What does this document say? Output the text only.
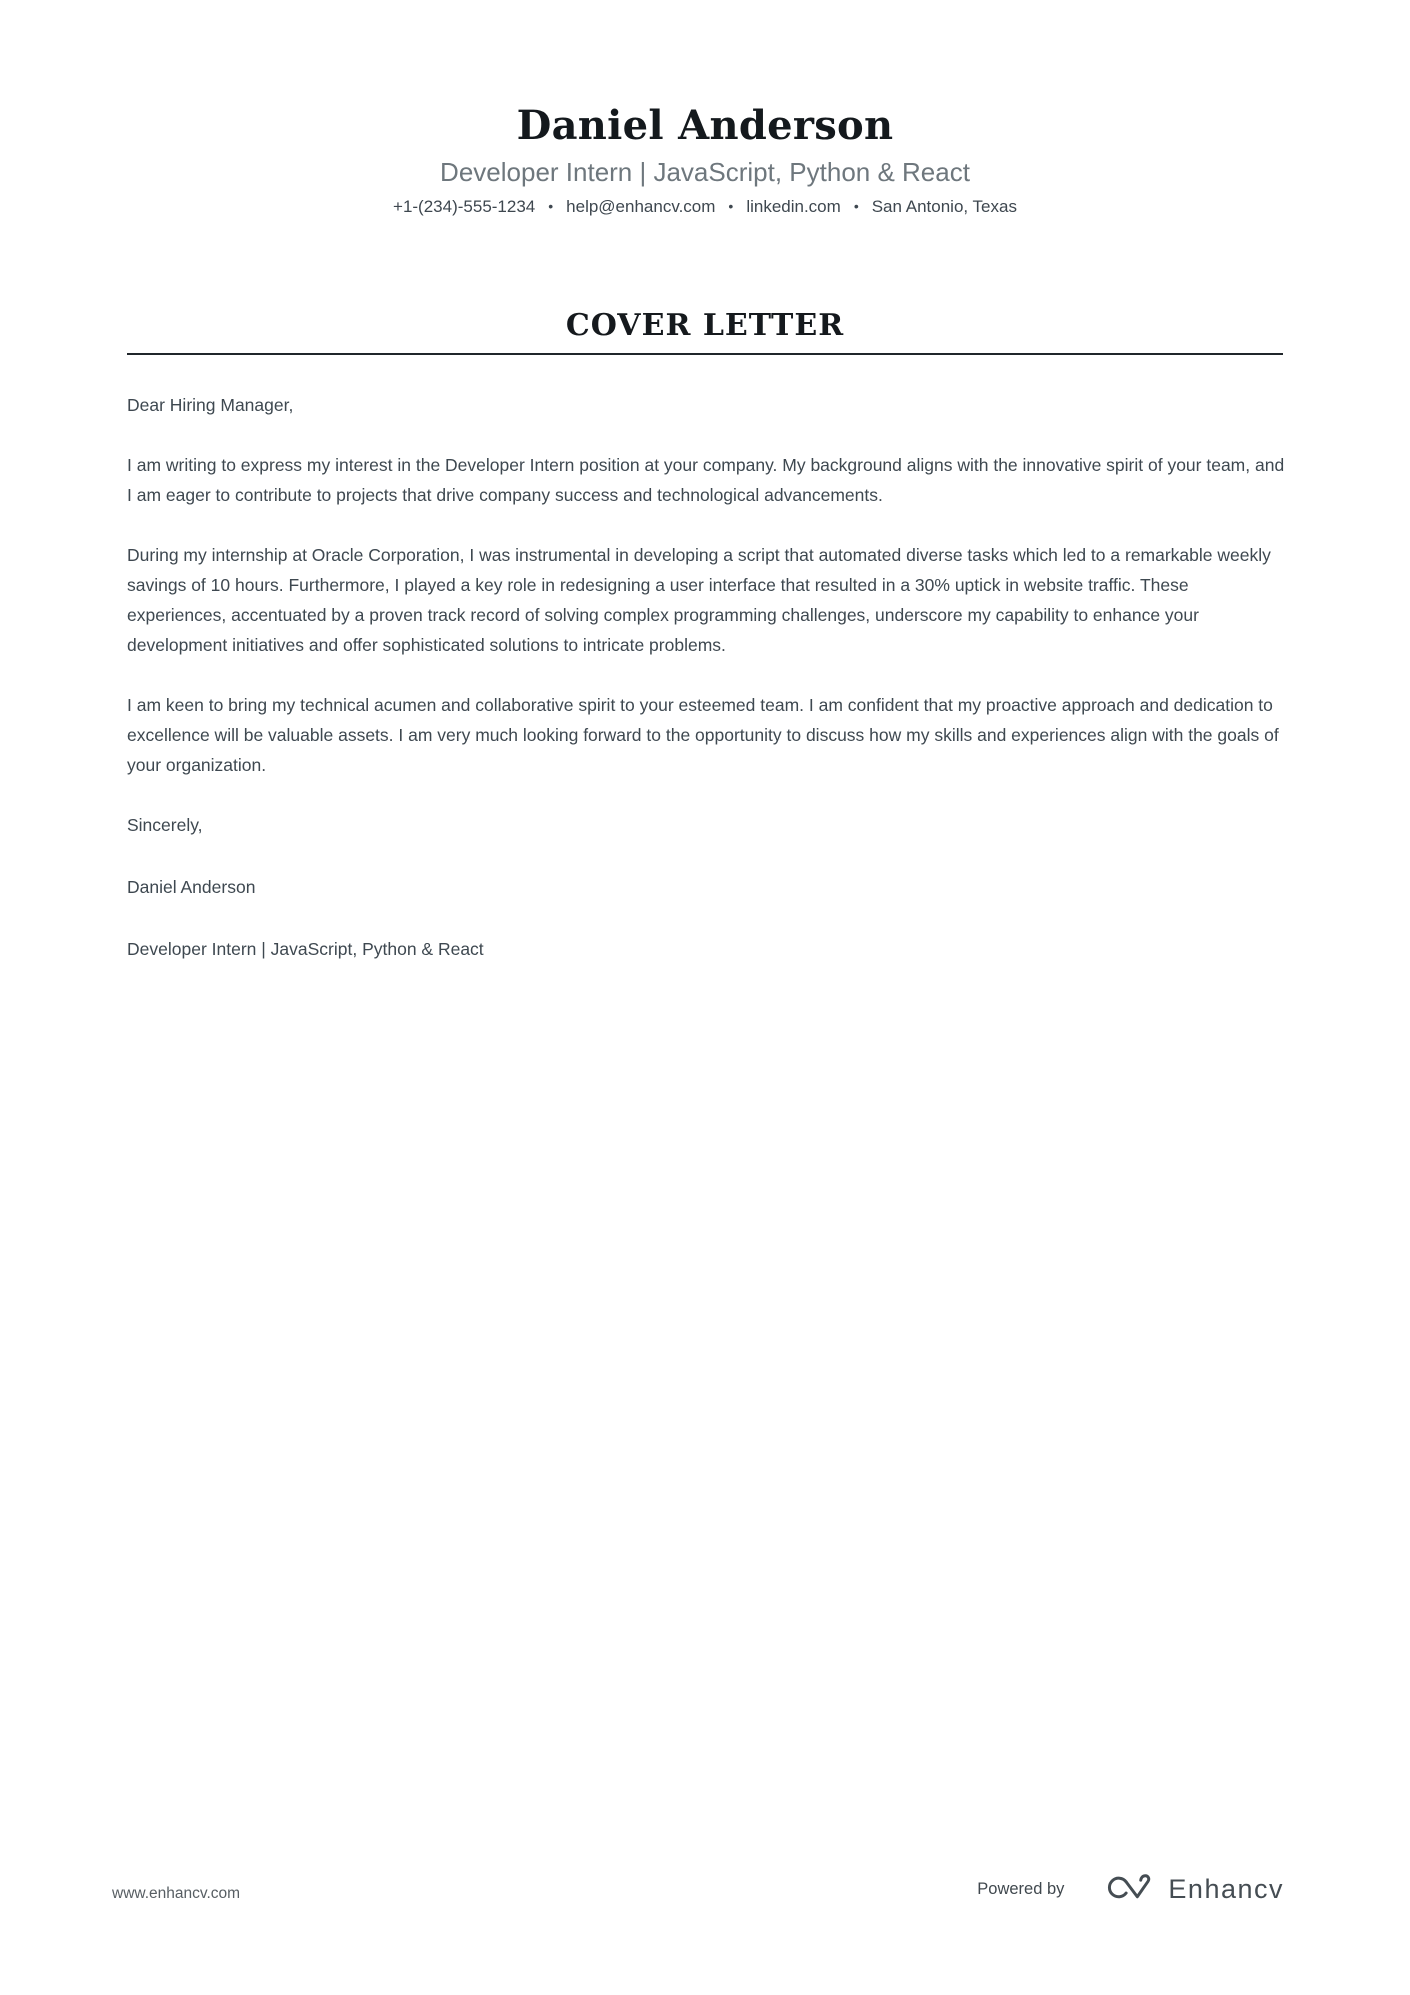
Daniel Anderson
Developer Intern | JavaScript, Python & React
+1-(234)-555-1234 • help@enhancv.com • linkedin.com • San Antonio, Texas
COVER LETTER

Dear Hiring Manager,

I am writing to express my interest in the Developer Intern position at your company. My background aligns with the innovative spirit of your team, and I am eager to contribute to projects that drive company success and technological advancements.

During my internship at Oracle Corporation, I was instrumental in developing a script that automated diverse tasks which led to a remarkable weekly savings of 10 hours. Furthermore, I played a key role in redesigning a user interface that resulted in a 30% uptick in website traffic. These experiences, accentuated by a proven track record of solving complex programming challenges, underscore my capability to enhance your development initiatives and offer sophisticated solutions to intricate problems.

I am keen to bring my technical acumen and collaborative spirit to your esteemed team. I am confident that my proactive approach and dedication to excellence will be valuable assets. I am very much looking forward to the opportunity to discuss how my skills and experiences align with the goals of your organization.

Sincerely,

Daniel Anderson

Developer Intern | JavaScript, Python & React

www.enhancv.com	Powered by	Enhancv
